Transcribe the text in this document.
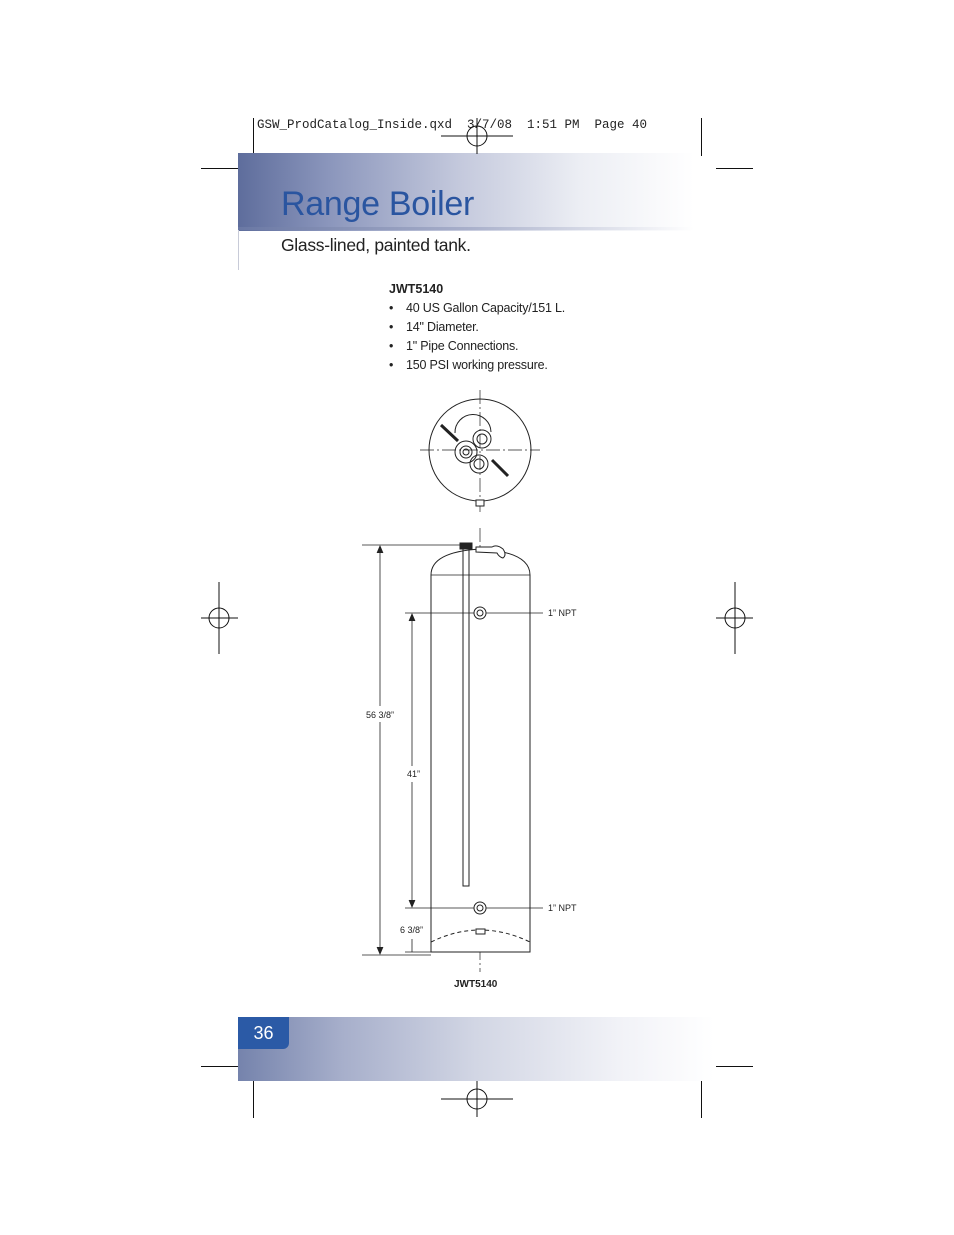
GSW_ProdCatalog_Inside.qxd  3/7/08  1:51 PM  Page 40
Range Boiler
Glass-lined, painted tank.
JWT5140
• 40 US Gallon Capacity/151 L.
• 14" Diameter.
• 1" Pipe Connections.
• 150 PSI working pressure.
56 3/8”
41”
6 3/8”
1” NPT
1” NPT
JWT5140
36
